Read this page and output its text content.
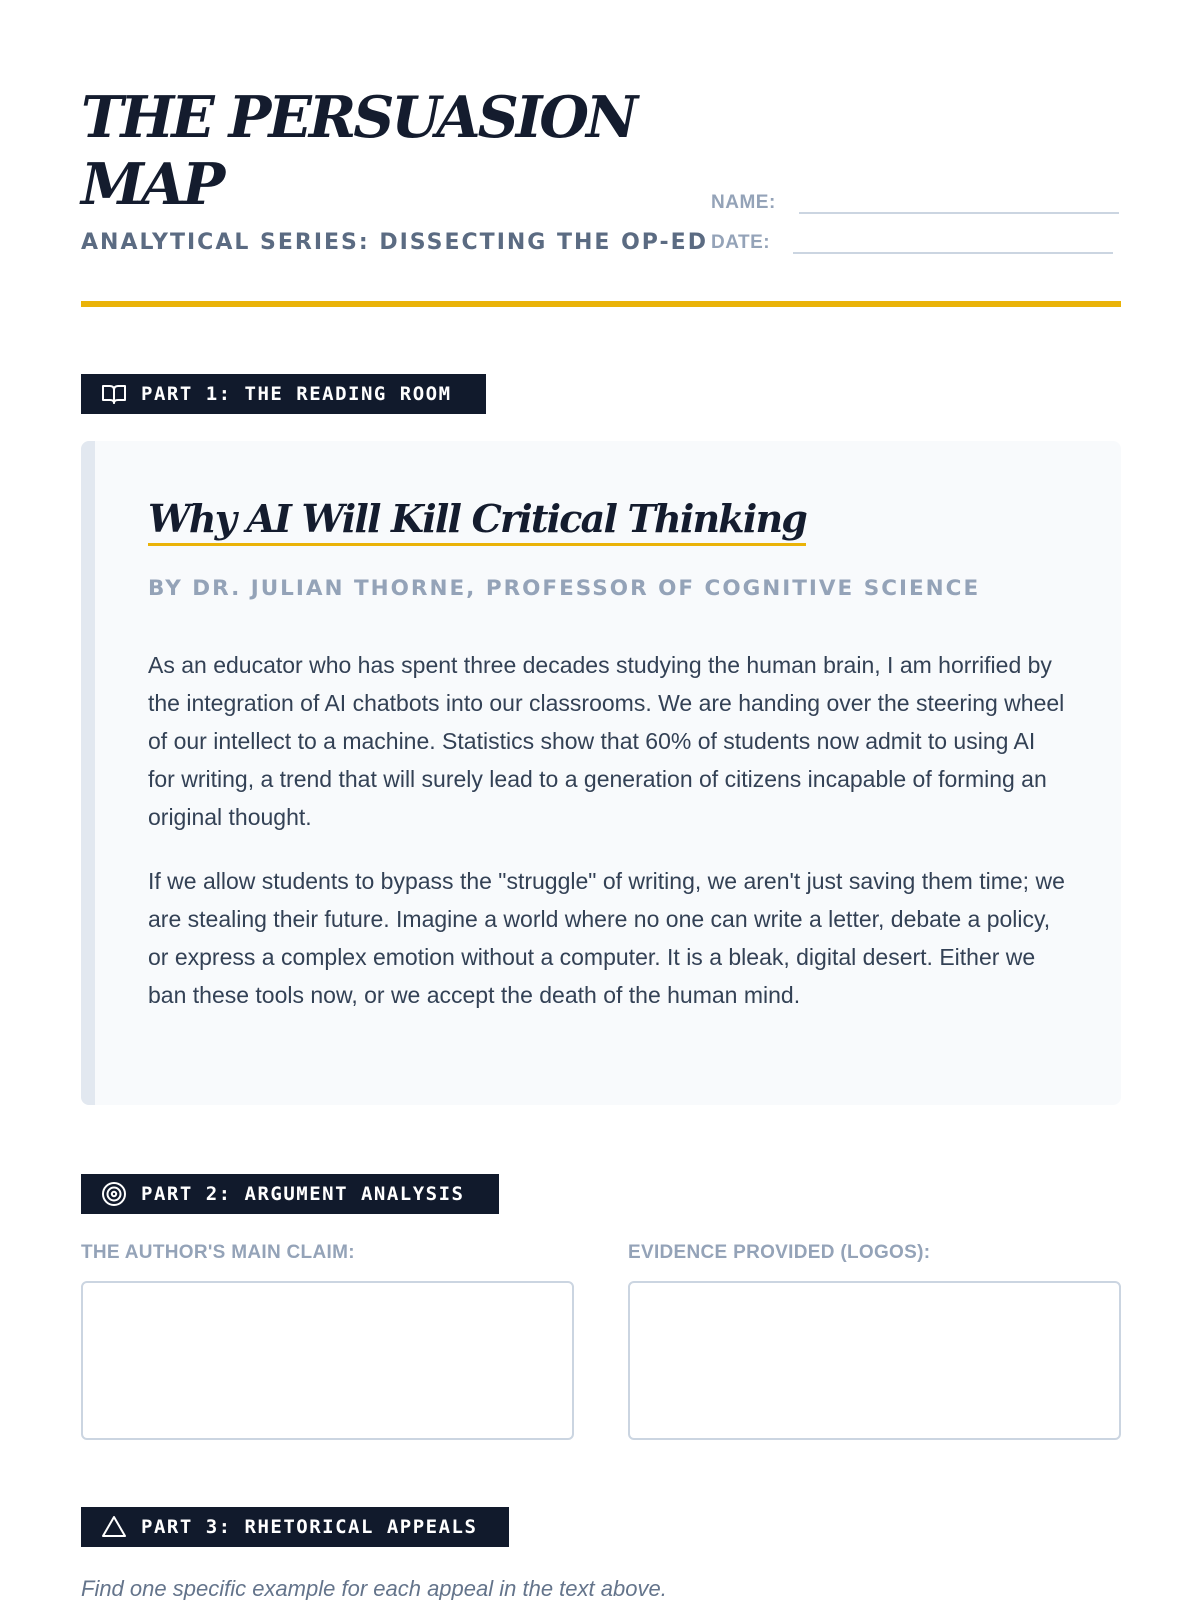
THE PERSUASION MAP
ANALYTICAL SERIES: DISSECTING THE OP-ED
NAME:
DATE:
PART 1: THE READING ROOM
Why AI Will Kill Critical Thinking
BY DR. JULIAN THORNE, PROFESSOR OF COGNITIVE SCIENCE

As an educator who has spent three decades studying the human brain, I am horrified by the integration of AI chatbots into our classrooms. We are handing over the steering wheel of our intellect to a machine. Statistics show that 60% of students now admit to using AI for writing, a trend that will surely lead to a generation of citizens incapable of forming an original thought.

If we allow students to bypass the "struggle" of writing, we aren't just saving them time; we are stealing their future. Imagine a world where no one can write a letter, debate a policy, or express a complex emotion without a computer. It is a bleak, digital desert. Either we ban these tools now, or we accept the death of the human mind.

PART 2: ARGUMENT ANALYSIS
THE AUTHOR'S MAIN CLAIM:	EVIDENCE PROVIDED (LOGOS):
PART 3: RHETORICAL APPEALS
Find one specific example for each appeal in the text above.
